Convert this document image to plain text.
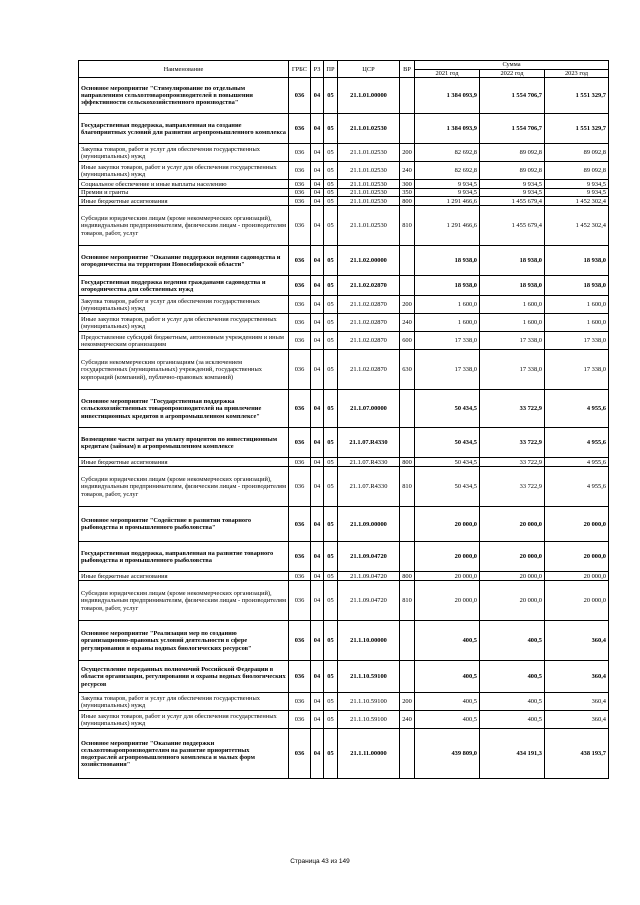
Наименование	ГРБС	РЗ	ПР	ЦСР	ВР	Сумма		
						2021 год	2022 год	2023 год
Основное мероприятие "Стимулирование по отдельным направлениям сельхозтоваропроизводителей в повышении эффективности сельскохозяйственного производства"	036	04	05	21.1.01.00000		1 384 093,9	1 554 706,7	1 551 329,7
Государственная поддержка, направленная на создание благоприятных условий для развития агропромышленного комплекса	036	04	05	21.1.01.02530		1 384 093,9	1 554 706,7	1 551 329,7
Закупка товаров, работ и услуг для обеспечения государственных (муниципальных) нужд	036	04	05	21.1.01.02530	200	82 692,8	89 092,8	89 092,8
Иные закупки товаров, работ и услуг для обеспечения государственных (муниципальных) нужд	036	04	05	21.1.01.02530	240	82 692,8	89 092,8	89 092,8
Социальное обеспечение и иные выплаты населению	036	04	05	21.1.01.02530	300	9 934,5	9 934,5	9 934,5
Премии и гранты	036	04	05	21.1.01.02530	350	9 934,5	9 934,5	9 934,5
Иные бюджетные ассигнования	036	04	05	21.1.01.02530	800	1 291 466,6	1 455 679,4	1 452 302,4
Субсидии юридическим лицам (кроме некоммерческих организаций), индивидуальным предпринимателям, физическим лицам - производителям товаров, работ, услуг	036	04	05	21.1.01.02530	810	1 291 466,6	1 455 679,4	1 452 302,4
Основное мероприятие "Оказание поддержки ведения садоводства и огородничества на территории Новосибирской области"	036	04	05	21.1.02.00000		18 938,0	18 938,0	18 938,0
Государственная поддержка ведения гражданами садоводства и огородничества для собственных нужд	036	04	05	21.1.02.02870		18 938,0	18 938,0	18 938,0
Закупка товаров, работ и услуг для обеспечения государственных (муниципальных) нужд	036	04	05	21.1.02.02870	200	1 600,0	1 600,0	1 600,0
Иные закупки товаров, работ и услуг для обеспечения государственных (муниципальных) нужд	036	04	05	21.1.02.02870	240	1 600,0	1 600,0	1 600,0
Предоставление субсидий бюджетным, автономным учреждениям и иным некоммерческим организациям	036	04	05	21.1.02.02870	600	17 338,0	17 338,0	17 338,0
Субсидии некоммерческим организациям (за исключением государственных (муниципальных) учреждений, государственных корпораций (компаний), публично-правовых компаний)	036	04	05	21.1.02.02870	630	17 338,0	17 338,0	17 338,0
Основное мероприятие "Государственная поддержка сельскохозяйственных товаропроизводителей на привлечение инвестиционных кредитов в агропромышленном комплексе"	036	04	05	21.1.07.00000		50 434,5	33 722,9	4 955,6
Возмещение части затрат на уплату процентов по инвестиционным кредитам (займам) в агропромышленном комплексе	036	04	05	21.1.07.R4330		50 434,5	33 722,9	4 955,6
Иные бюджетные ассигнования	036	04	05	21.1.07.R4330	800	50 434,5	33 722,9	4 955,6
Субсидии юридическим лицам (кроме некоммерческих организаций), индивидуальным предпринимателям, физическим лицам - производителям товаров, работ, услуг	036	04	05	21.1.07.R4330	810	50 434,5	33 722,9	4 955,6
Основное мероприятие "Содействие в развитии товарного рыбоводства и промышленного рыболовства"	036	04	05	21.1.09.00000		20 000,0	20 000,0	20 000,0
Государственная поддержка, направленная на развитие товарного рыбоводства и промышленного рыболовства	036	04	05	21.1.09.04720		20 000,0	20 000,0	20 000,0
Иные бюджетные ассигнования	036	04	05	21.1.09.04720	800	20 000,0	20 000,0	20 000,0
Субсидии юридическим лицам (кроме некоммерческих организаций), индивидуальным предпринимателям, физическим лицам - производителям товаров, работ, услуг	036	04	05	21.1.09.04720	810	20 000,0	20 000,0	20 000,0
Основное мероприятие "Реализация мер по созданию организационно-правовых условий деятельности в сфере регулирования и охраны водных биологических ресурсов"	036	04	05	21.1.10.00000		400,5	400,5	360,4
Осуществление переданных полномочий Российской Федерации в области организации, регулирования и охраны водных биологических ресурсов	036	04	05	21.1.10.59100		400,5	400,5	360,4
Закупка товаров, работ и услуг для обеспечения государственных (муниципальных) нужд	036	04	05	21.1.10.59100	200	400,5	400,5	360,4
Иные закупки товаров, работ и услуг для обеспечения государственных (муниципальных) нужд	036	04	05	21.1.10.59100	240	400,5	400,5	360,4
Основное мероприятие "Оказание поддержки сельхозтоваропроизводителям на развитие приоритетных подотраслей агропромышленного комплекса и малых форм хозяйствования"	036	04	05	21.1.11.00000		439 809,0	434 191,3	438 193,7
Страница 43 из 149
